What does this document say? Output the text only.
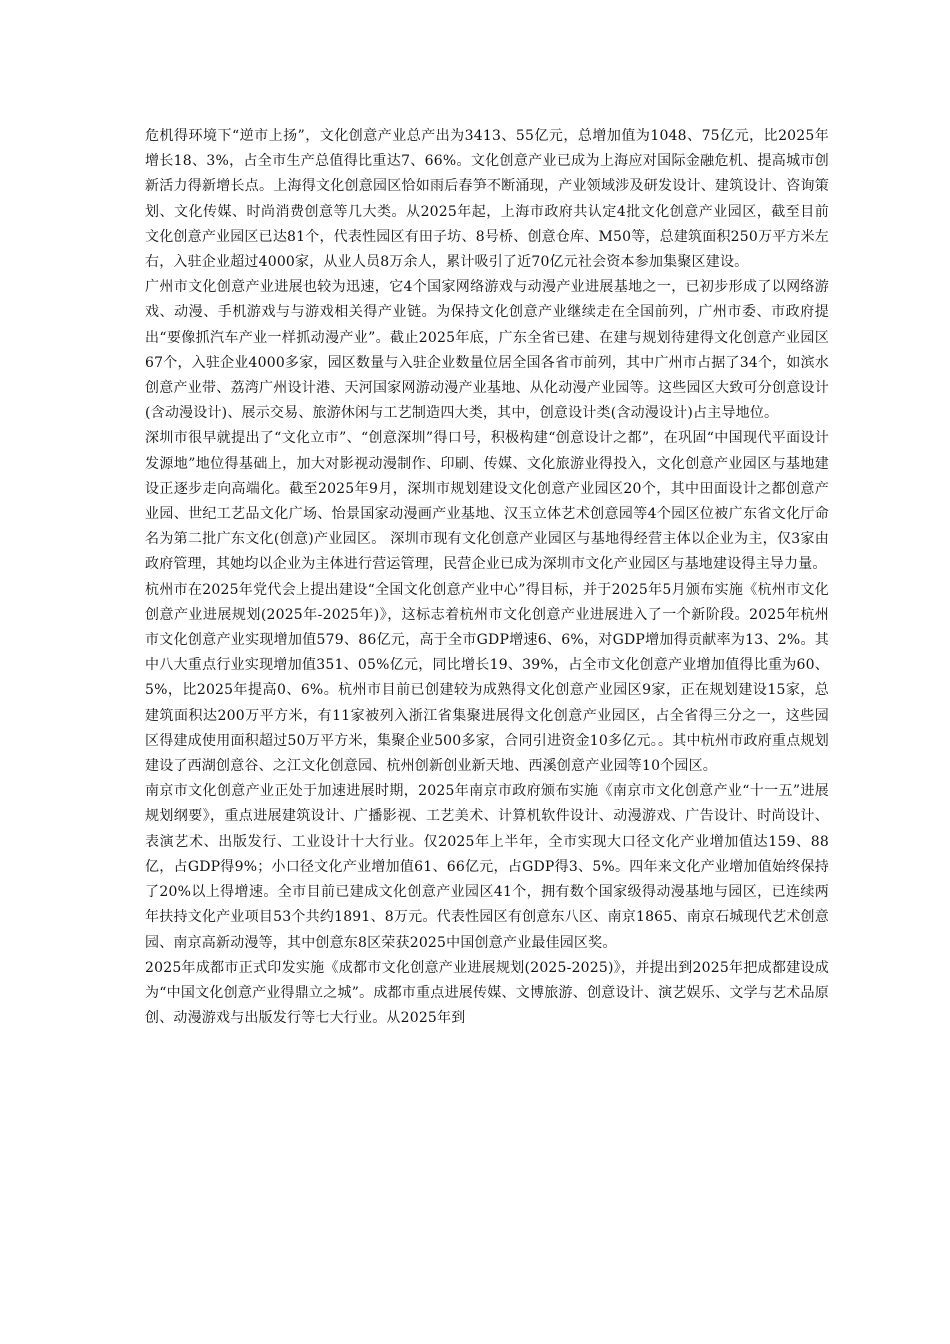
危机得环境下“逆市上扬”，文化创意产业总产出为3413、55亿元，总增加值为1048、75亿元，比2025年增长18、3%，占全市生产总值得比重达7、66%。文化创意产业已成为上海应对国际金融危机、提高城市创新活力得新增长点。上海得文化创意园区恰如雨后春笋不断涌现，产业领域涉及研发设计、建筑设计、咨询策划、文化传媒、时尚消费创意等几大类。从2025年起，上海市政府共认定4批文化创意产业园区，截至目前文化创意产业园区已达81个，代表性园区有田子坊、8号桥、创意仓库、M50等，总建筑面积250万平方米左右，入驻企业超过4000家，从业人员8万余人，累计吸引了近70亿元社会资本参加集聚区建设。

广州市文化创意产业进展也较为迅速，它4个国家网络游戏与动漫产业进展基地之一，已初步形成了以网络游戏、动漫、手机游戏与与游戏相关得产业链。为保持文化创意产业继续走在全国前列，广州市委、市政府提出“要像抓汽车产业一样抓动漫产业”。截止2025年底，广东全省已建、在建与规划待建得文化创意产业园区67个，入驻企业4000多家，园区数量与入驻企业数量位居全国各省市前列，其中广州市占据了34个，如滨水创意产业带、荔湾广州设计港、天河国家网游动漫产业基地、从化动漫产业园等。这些园区大致可分创意设计(含动漫设计)、展示交易、旅游休闲与工艺制造四大类，其中，创意设计类(含动漫设计)占主导地位。

深圳市很早就提出了“文化立市”、“创意深圳”得口号，积极构建“创意设计之都”，在巩固“中国现代平面设计发源地”地位得基础上，加大对影视动漫制作、印刷、传媒、文化旅游业得投入，文化创意产业园区与基地建设正逐步走向高端化。截至2025年9月，深圳市规划建设文化创意产业园区20个，其中田面设计之都创意产业园、世纪工艺品文化广场、怡景国家动漫画产业基地、汉玉立体艺术创意园等4个园区位被广东省文化厅命名为第二批广东文化(创意)产业园区。 深圳市现有文化创意产业园区与基地得经营主体以企业为主，仅3家由政府管理，其她均以企业为主体进行营运管理，民营企业已成为深圳市文化产业园区与基地建设得主导力量。

杭州市在2025年党代会上提出建设“全国文化创意产业中心”得目标，并于2025年5月颁布实施《杭州市文化创意产业进展规划(2025年-2025年)》，这标志着杭州市文化创意产业进展进入了一个新阶段。2025年杭州市文化创意产业实现增加值579、86亿元，高于全市GDP增速6、6%，对GDP增加得贡献率为13、2%。其中八大重点行业实现增加值351、05%亿元，同比增长19、39%，占全市文化创意产业增加值得比重为60、5%，比2025年提高0、6%。杭州市目前已创建较为成熟得文化创意产业园区9家，正在规划建设15家，总建筑面积达200万平方米，有11家被列入浙江省集聚进展得文化创意产业园区，占全省得三分之一，这些园区得建成使用面积超过50万平方米，集聚企业500多家，合同引进资金10多亿元。。其中杭州市政府重点规划建设了西湖创意谷、之江文化创意园、杭州创新创业新天地、西溪创意产业园等10个园区。

南京市文化创意产业正处于加速进展时期，2025年南京市政府颁布实施《南京市文化创意产业“十一五”进展规划纲要》，重点进展建筑设计、广播影视、工艺美术、计算机软件设计、动漫游戏、广告设计、时尚设计、表演艺术、出版发行、工业设计十大行业。仅2025年上半年，全市实现大口径文化产业增加值达159、88亿，占GDP得9%；小口径文化产业增加值61、66亿元，占GDP得3、5%。四年来文化产业增加值始终保持了20%以上得增速。全市目前已建成文化创意产业园区41个，拥有数个国家级得动漫基地与园区，已连续两年扶持文化产业项目53个共约1891、8万元。代表性园区有创意东八区、南京1865、南京石城现代艺术创意园、南京高新动漫等，其中创意东8区荣获2025中国创意产业最佳园区奖。

2025年成都市正式印发实施《成都市文化创意产业进展规划(2025-2025)》，并提出到2025年把成都建设成为“中国文化创意产业得鼎立之城”。成都市重点进展传媒、文博旅游、创意设计、演艺娱乐、文学与艺术品原创、动漫游戏与出版发行等七大行业。从2025年到
